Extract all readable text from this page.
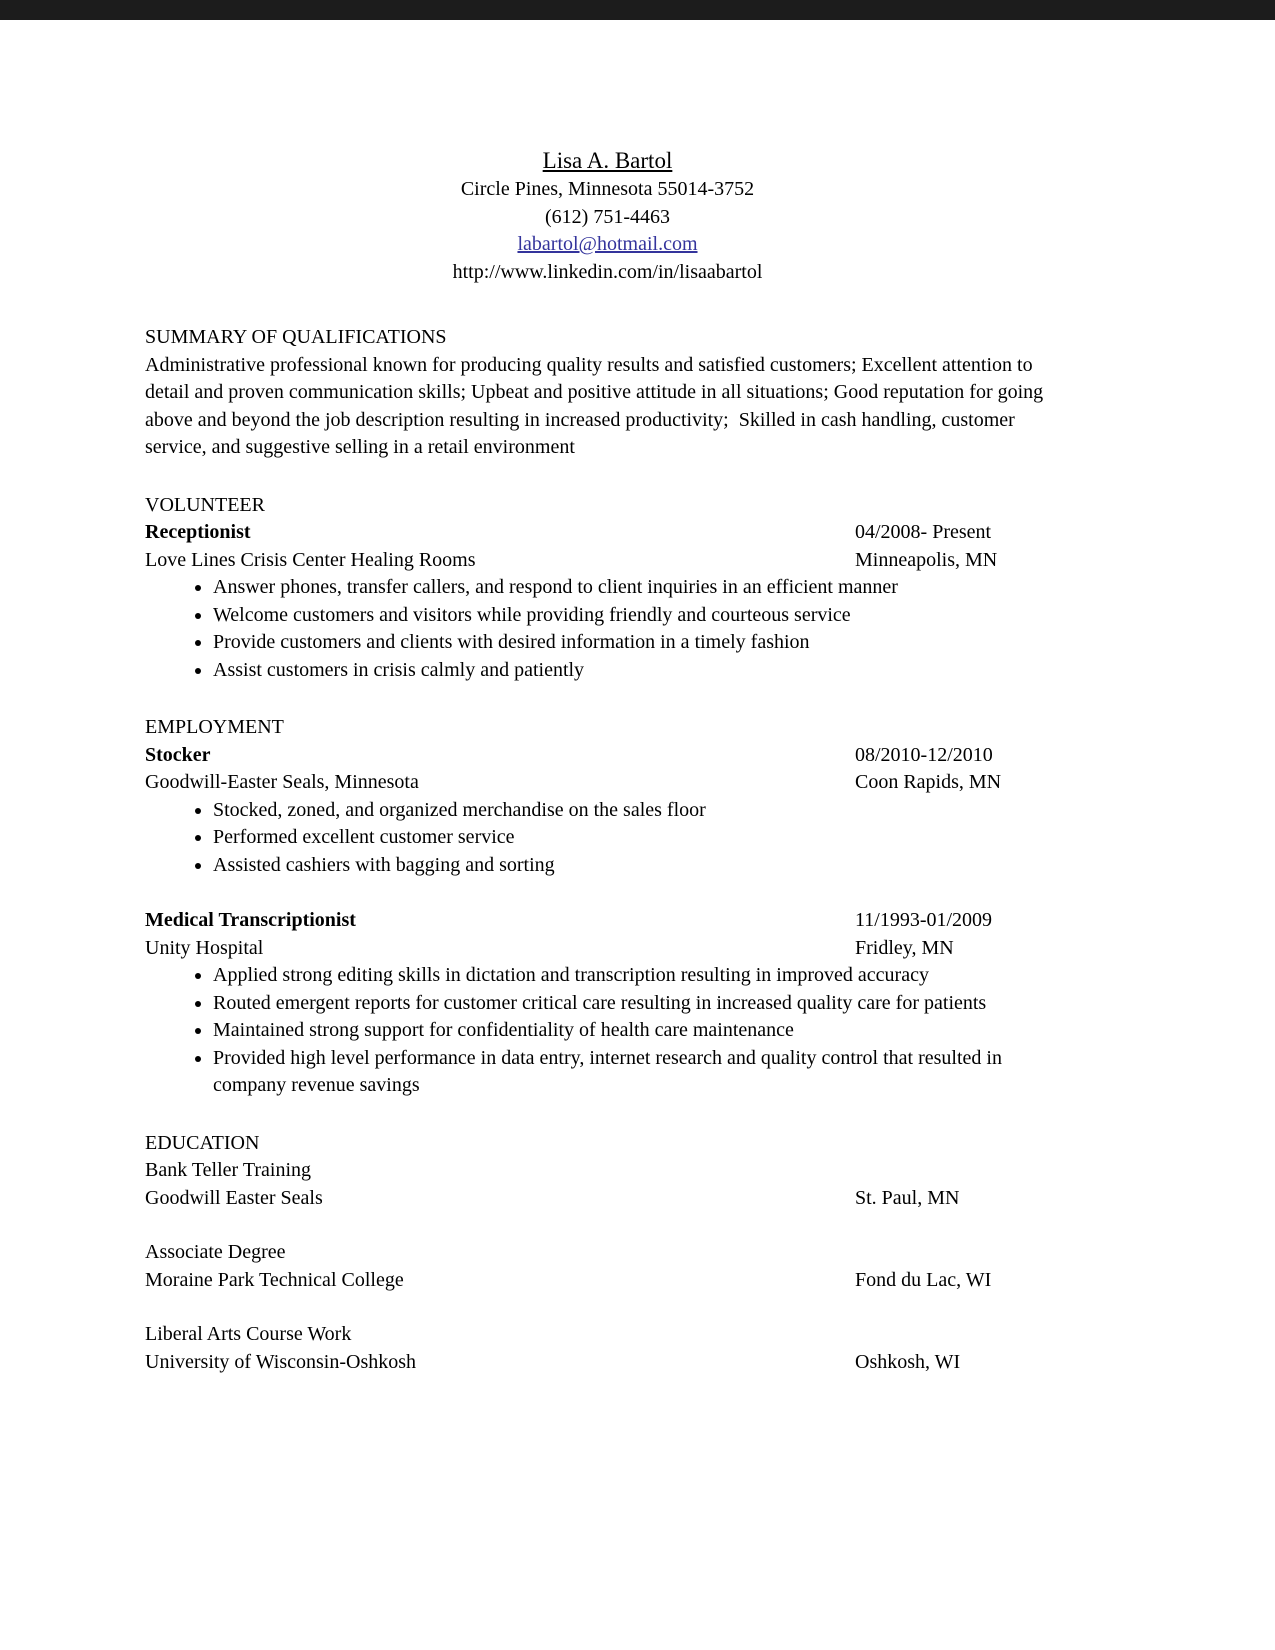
Lisa A. Bartol
Circle Pines, Minnesota 55014-3752
(612) 751-4463
labartol@hotmail.com
http://www.linkedin.com/in/lisaabartol
SUMMARY OF QUALIFICATIONS
Administrative professional known for producing quality results and satisfied customers; Excellent attention to detail and proven communication skills; Upbeat and positive attitude in all situations; Good reputation for going above and beyond the job description resulting in increased productivity;  Skilled in cash handling, customer service, and suggestive selling in a retail environment
VOLUNTEER
Receptionist	04/2008- Present
Love Lines Crisis Center Healing Rooms	Minneapolis, MN
• Answer phones, transfer callers, and respond to client inquiries in an efficient manner
• Welcome customers and visitors while providing friendly and courteous service
• Provide customers and clients with desired information in a timely fashion
• Assist customers in crisis calmly and patiently
EMPLOYMENT
Stocker	08/2010-12/2010
Goodwill-Easter Seals, Minnesota	Coon Rapids, MN
• Stocked, zoned, and organized merchandise on the sales floor
• Performed excellent customer service
• Assisted cashiers with bagging and sorting
Medical Transcriptionist	11/1993-01/2009
Unity Hospital	Fridley, MN
• Applied strong editing skills in dictation and transcription resulting in improved accuracy
• Routed emergent reports for customer critical care resulting in increased quality care for patients
• Maintained strong support for confidentiality of health care maintenance
• Provided high level performance in data entry, internet research and quality control that resulted in company revenue savings
EDUCATION
Bank Teller Training
Goodwill Easter Seals	St. Paul, MN
Associate Degree
Moraine Park Technical College	Fond du Lac, WI
Liberal Arts Course Work
University of Wisconsin-Oshkosh	Oshkosh, WI
